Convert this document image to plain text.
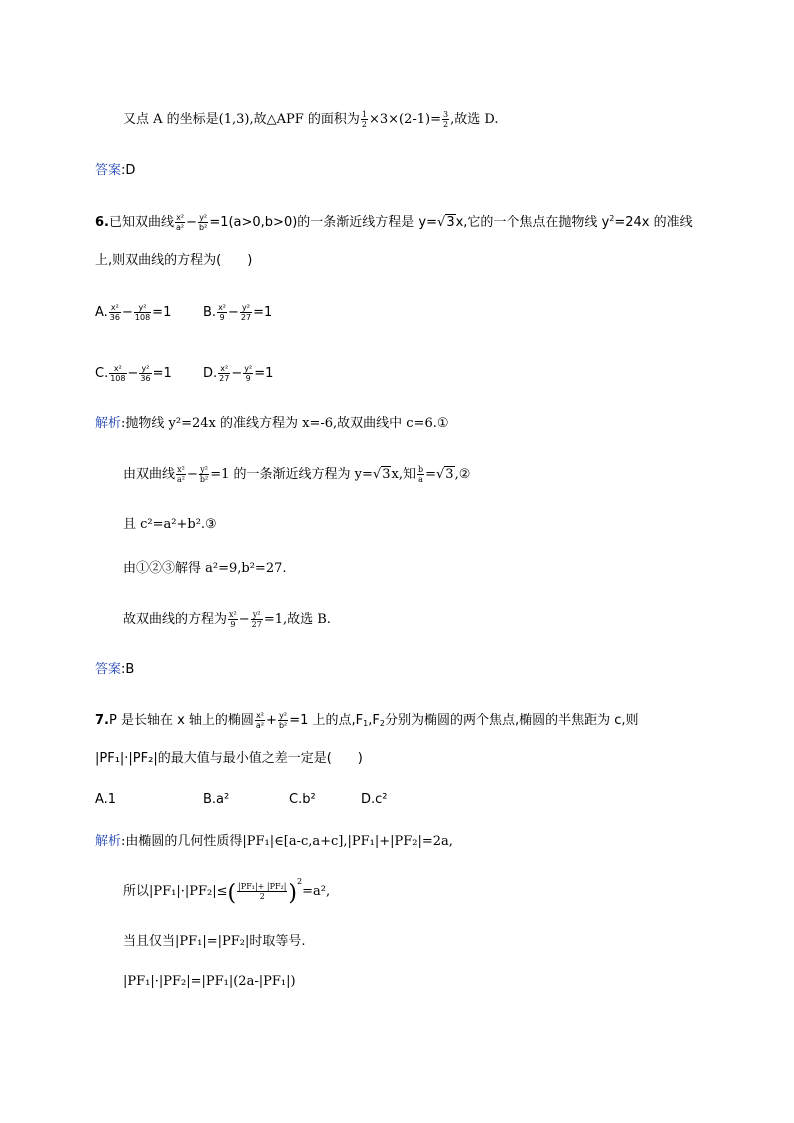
又点 A 的坐标是(1,3),故△APF 的面积为 $\frac{1}{2} \times 3\times(2-1)= \frac{3}{2}$ ,故选 D.
答案:D
6.已知双曲线 $\frac{\text{x²}}{\text{a²}} - \frac{\text{y²}}{\text{b²}} =1(a>0,b>0)$的一条渐近线方程是 y=√3x,它的一个焦点在抛物线 $y^2=24x$ 的准线
上,则双曲线的方程为(　　)
A. $\frac{\text{x²}}{36} - \frac{\text{y²}}{108} =1$ B. $\frac{\text{x²}}{9} - \frac{\text{y²}}{27} =1$
C. $\frac{\text{x²}}{108} - \frac{\text{y²}}{36} =1$ D. $\frac{\text{x²}}{27} - \frac{\text{y²}}{9} =1$
解析:抛物线 y²=24x 的准线方程为 x=-6,故双曲线中 c=6.①
由双曲线 $\frac{\text{x²}}{\text{a²}} - \frac{\text{y²}}{\text{b²}} =1$ 的一条渐近线方程为 y=√3x,知 $\frac{b}{a}$ =√3,②
且 c²=a²+b².③
由①②③解得 a²=9,b²=27.
故双曲线的方程为 $\frac{\text{x²}}{9} - \frac{\text{y²}}{27} =1$,故选 B.
答案:B
7.P 是长轴在 x 轴上的椭圆 $\frac{\text{x²}}{\text{a²}} + \frac{\text{y²}}{\text{b²}} =1$ 上的点$,F_1,F_2$分别为椭圆的两个焦点,椭圆的半焦距为 c,则
|PF₁|·|PF₂|的最大值与最小值之差一定是(　　)
A.1	B.a²	C.b²	D.c²
解析:由椭圆的几何性质得|PF₁|∈[a-c,a+c],|PF₁|+|PF₂|=2a,
所以$|PF_1|\cdot|PF_2|\le( \frac{\text{|PF₁|+ |PF₂|}}{2} )^2=a^2$,
当且仅当|PF₁|=|PF₂|时取等号.
|PF₁|·|PF₂|=|PF₁|(2a-|PF₁|)
